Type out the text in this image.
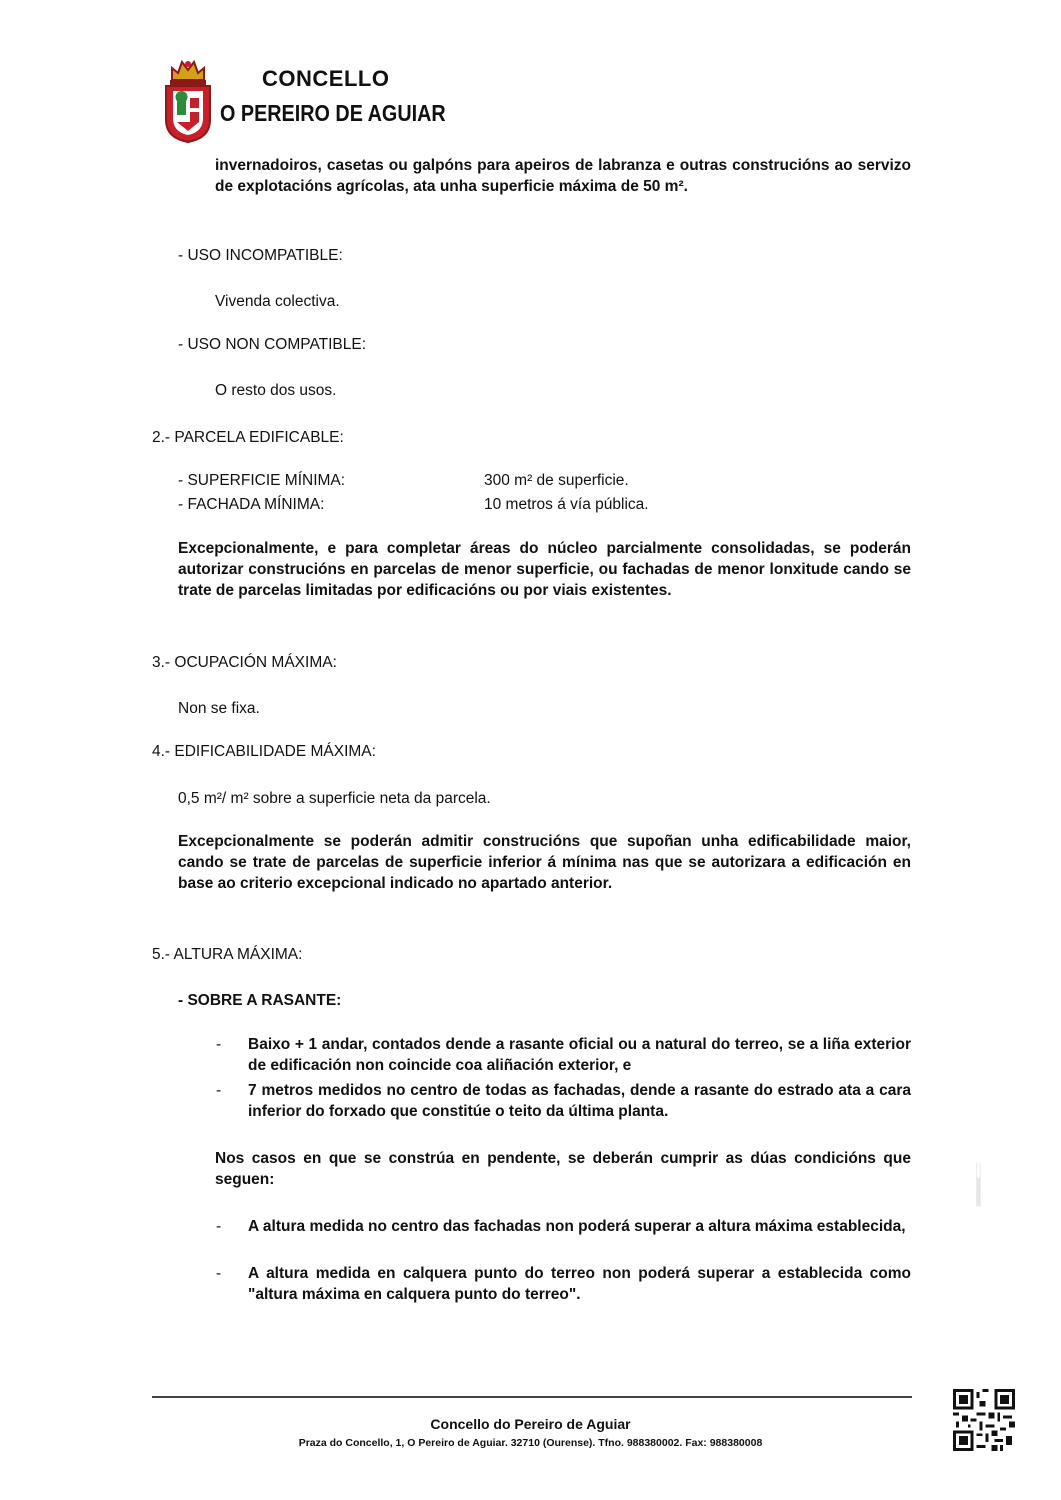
CONCELLO
O PEREIRO DE AGUIAR
invernadoiros, casetas ou galpóns para apeiros de labranza e outras construcións ao servizo de explotacións agrícolas, ata unha superficie máxima de 50 m².
- USO INCOMPATIBLE:
Vivenda colectiva.
- USO NON COMPATIBLE:
O resto dos usos.
2.- PARCELA EDIFICABLE:
- SUPERFICIE MÍNIMA:	300 m² de superficie.
- FACHADA MÍNIMA:	10 metros á vía pública.
Excepcionalmente, e para completar áreas do núcleo parcialmente consolidadas, se poderán autorizar construcións en parcelas de menor superficie, ou fachadas de menor lonxitude cando se trate de parcelas limitadas por edificacións ou por viais existentes.
3.- OCUPACIÓN MÁXIMA:
Non se fixa.
4.- EDIFICABILIDADE MÁXIMA:
0,5 m²/ m² sobre a superficie neta da parcela.
Excepcionalmente se poderán admitir construcións que supoñan unha edificabilidade maior, cando se trate de parcelas de superficie inferior á mínima nas que se autorizara a edificación en base ao criterio excepcional indicado no apartado anterior.
5.- ALTURA MÁXIMA:
- SOBRE A RASANTE:
- Baixo + 1 andar, contados dende a rasante oficial ou a natural do terreo, se a liña exterior de edificación non coincide coa aliñación exterior, e
- 7 metros medidos no centro de todas as fachadas, dende a rasante do estrado ata a cara inferior do forxado que constitúe o teito da última planta.
Nos casos en que se constrúa en pendente, se deberán cumprir as dúas condicións que seguen:
- A altura medida no centro das fachadas non poderá superar a altura máxima establecida,
- A altura medida en calquera punto do terreo non poderá superar a establecida como "altura máxima en calquera punto do terreo".
Concello do Pereiro de Aguiar
Praza do Concello, 1, O Pereiro de Aguiar. 32710 (Ourense). Tfno. 988380002. Fax: 988380008
